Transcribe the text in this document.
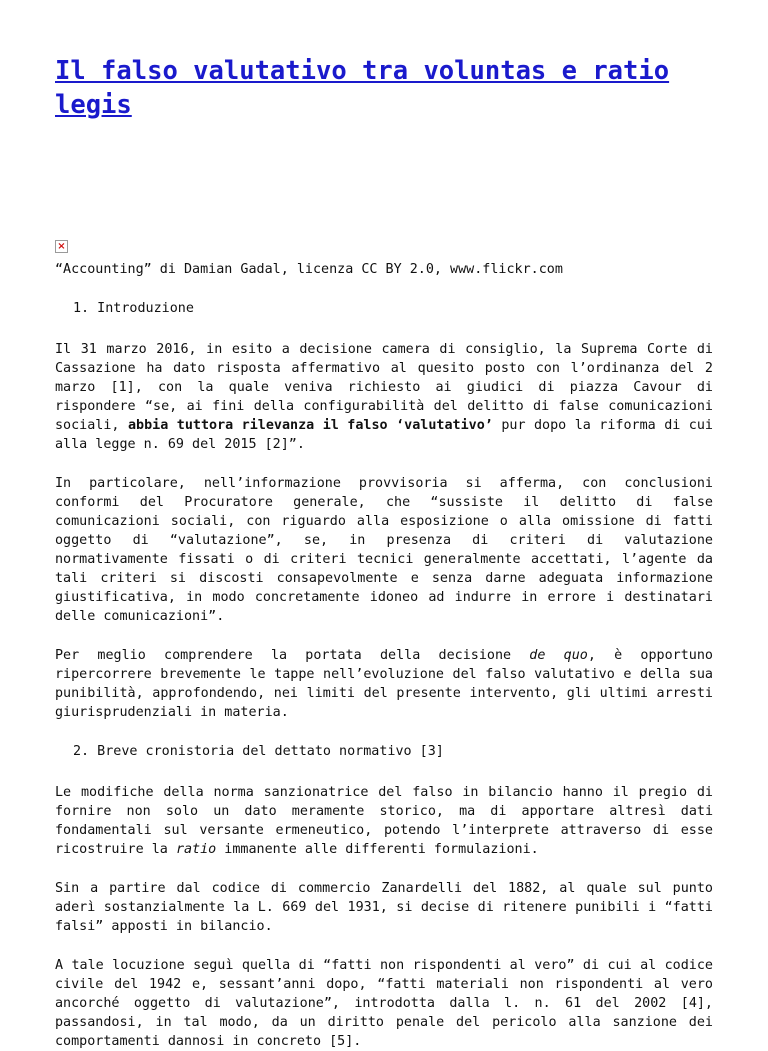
Il falso valutativo tra voluntas e ratio legis
×

“Accounting” di Damian Gadal, licenza CC BY 2.0, www.flickr.com

1. Introduzione

Il 31 marzo 2016, in esito a decisione camera di consiglio, la Suprema Corte di Cassazione ha dato risposta affermativo al quesito posto con l’ordinanza del 2 marzo [1], con la quale veniva richiesto ai giudici di piazza Cavour di rispondere “se, ai fini della configurabilità del delitto di false comunicazioni sociali, abbia tuttora rilevanza il falso ‘valutativo’ pur dopo la riforma di cui alla legge n. 69 del 2015 [2]”.

In particolare, nell’informazione provvisoria si afferma, con conclusioni conformi del Procuratore generale, che “sussiste il delitto di false comunicazioni sociali, con riguardo alla esposizione o alla omissione di fatti oggetto di “valutazione”, se, in presenza di criteri di valutazione normativamente fissati o di criteri tecnici generalmente accettati, l’agente da tali criteri si discosti consapevolmente e senza darne adeguata informazione giustificativa, in modo concretamente idoneo ad indurre in errore i destinatari delle comunicazioni”.

Per meglio comprendere la portata della decisione de quo, è opportuno ripercorrere brevemente le tappe nell’evoluzione del falso valutativo e della sua punibilità, approfondendo, nei limiti del presente intervento, gli ultimi arresti giurisprudenziali in materia.

2. Breve cronistoria del dettato normativo [3]

Le modifiche della norma sanzionatrice del falso in bilancio hanno il pregio di fornire non solo un dato meramente storico, ma di apportare altresì dati fondamentali sul versante ermeneutico, potendo l’interprete attraverso di esse ricostruire la ratio immanente alle differenti formulazioni.

Sin a partire dal codice di commercio Zanardelli del 1882, al quale sul punto aderì sostanzialmente la L. 669 del 1931, si decise di ritenere punibili i “fatti falsi” apposti in bilancio.

A tale locuzione seguì quella di “fatti non rispondenti al vero” di cui al codice civile del 1942 e, sessant’anni dopo, “fatti materiali non rispondenti al vero ancorché oggetto di valutazione”, introdotta dalla l. n. 61 del 2002 [4], passandosi, in tal modo, da un diritto penale del pericolo alla sanzione dei comportamenti dannosi in concreto [5].
